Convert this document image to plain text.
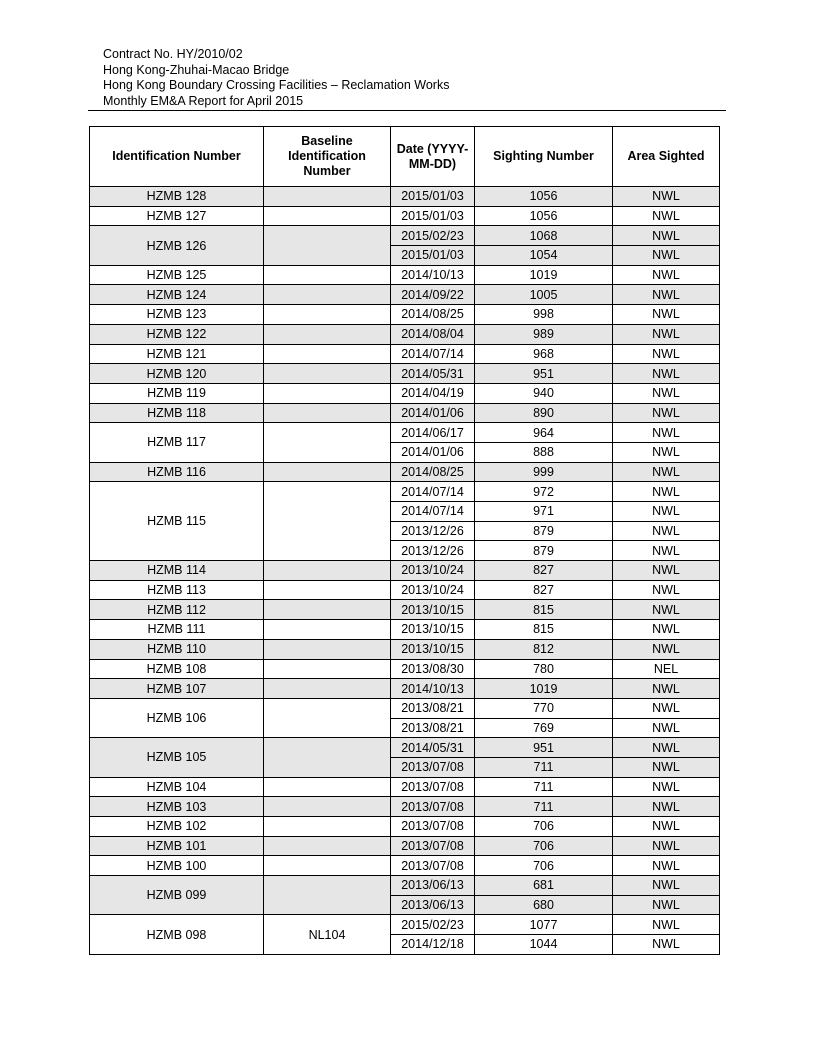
Contract No. HY/2010/02
Hong Kong-Zhuhai-Macao Bridge
Hong Kong Boundary Crossing Facilities – Reclamation Works
Monthly EM&A Report for April 2015
Identification Number	Baseline Identification Number	Date (YYYY-MM-DD)	Sighting Number	Area Sighted
HZMB 128		2015/01/03	1056	NWL
HZMB 127		2015/01/03	1056	NWL
HZMB 126		2015/02/23	1068	NWL
		2015/01/03	1054	NWL
HZMB 125		2014/10/13	1019	NWL
HZMB 124		2014/09/22	1005	NWL
HZMB 123		2014/08/25	998	NWL
HZMB 122		2014/08/04	989	NWL
HZMB 121		2014/07/14	968	NWL
HZMB 120		2014/05/31	951	NWL
HZMB 119		2014/04/19	940	NWL
HZMB 118		2014/01/06	890	NWL
HZMB 117		2014/06/17	964	NWL
		2014/01/06	888	NWL
HZMB 116		2014/08/25	999	NWL
HZMB 115		2014/07/14	972	NWL
		2014/07/14	971	NWL
		2013/12/26	879	NWL
		2013/12/26	879	NWL
HZMB 114		2013/10/24	827	NWL
HZMB 113		2013/10/24	827	NWL
HZMB 112		2013/10/15	815	NWL
HZMB 111		2013/10/15	815	NWL
HZMB 110		2013/10/15	812	NWL
HZMB 108		2013/08/30	780	NEL
HZMB 107		2014/10/13	1019	NWL
HZMB 106		2013/08/21	770	NWL
		2013/08/21	769	NWL
HZMB 105		2014/05/31	951	NWL
		2013/07/08	711	NWL
HZMB 104		2013/07/08	711	NWL
HZMB 103		2013/07/08	711	NWL
HZMB 102		2013/07/08	706	NWL
HZMB 101		2013/07/08	706	NWL
HZMB 100		2013/07/08	706	NWL
HZMB 099		2013/06/13	681	NWL
		2013/06/13	680	NWL
HZMB 098	NL104	2015/02/23	1077	NWL
		2014/12/18	1044	NWL
